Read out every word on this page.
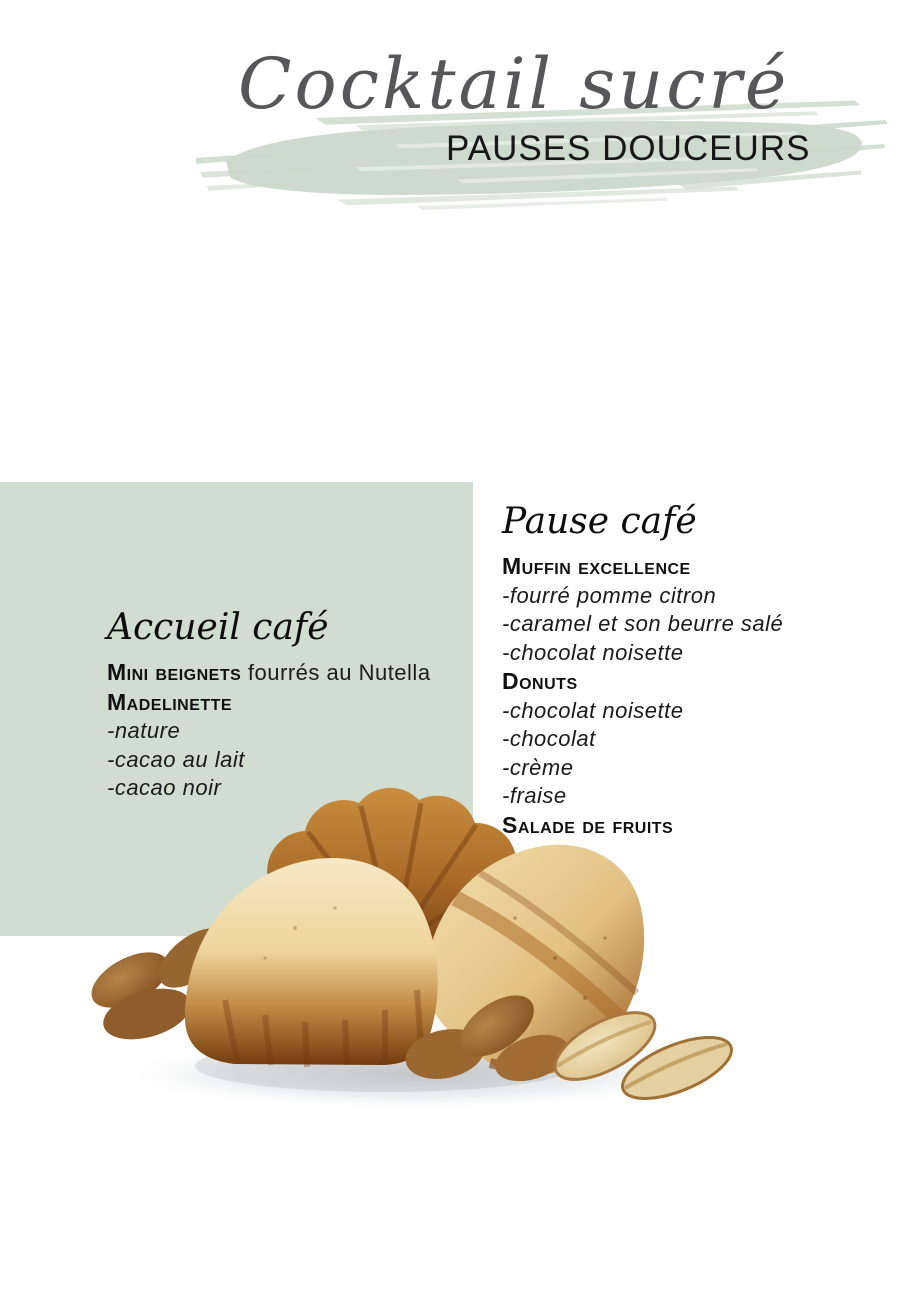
Cocktail sucré
PAUSES DOUCEURS
Accueil café
Mini beignets fourrés au Nutella
Madelinette
-nature
-cacao au lait
-cacao noir
Pause café
Muffin excellence
-fourré pomme citron
-caramel et son beurre salé
-chocolat noisette
Donuts
-chocolat noisette
-chocolat
-crème
-fraise
Salade de fruits
